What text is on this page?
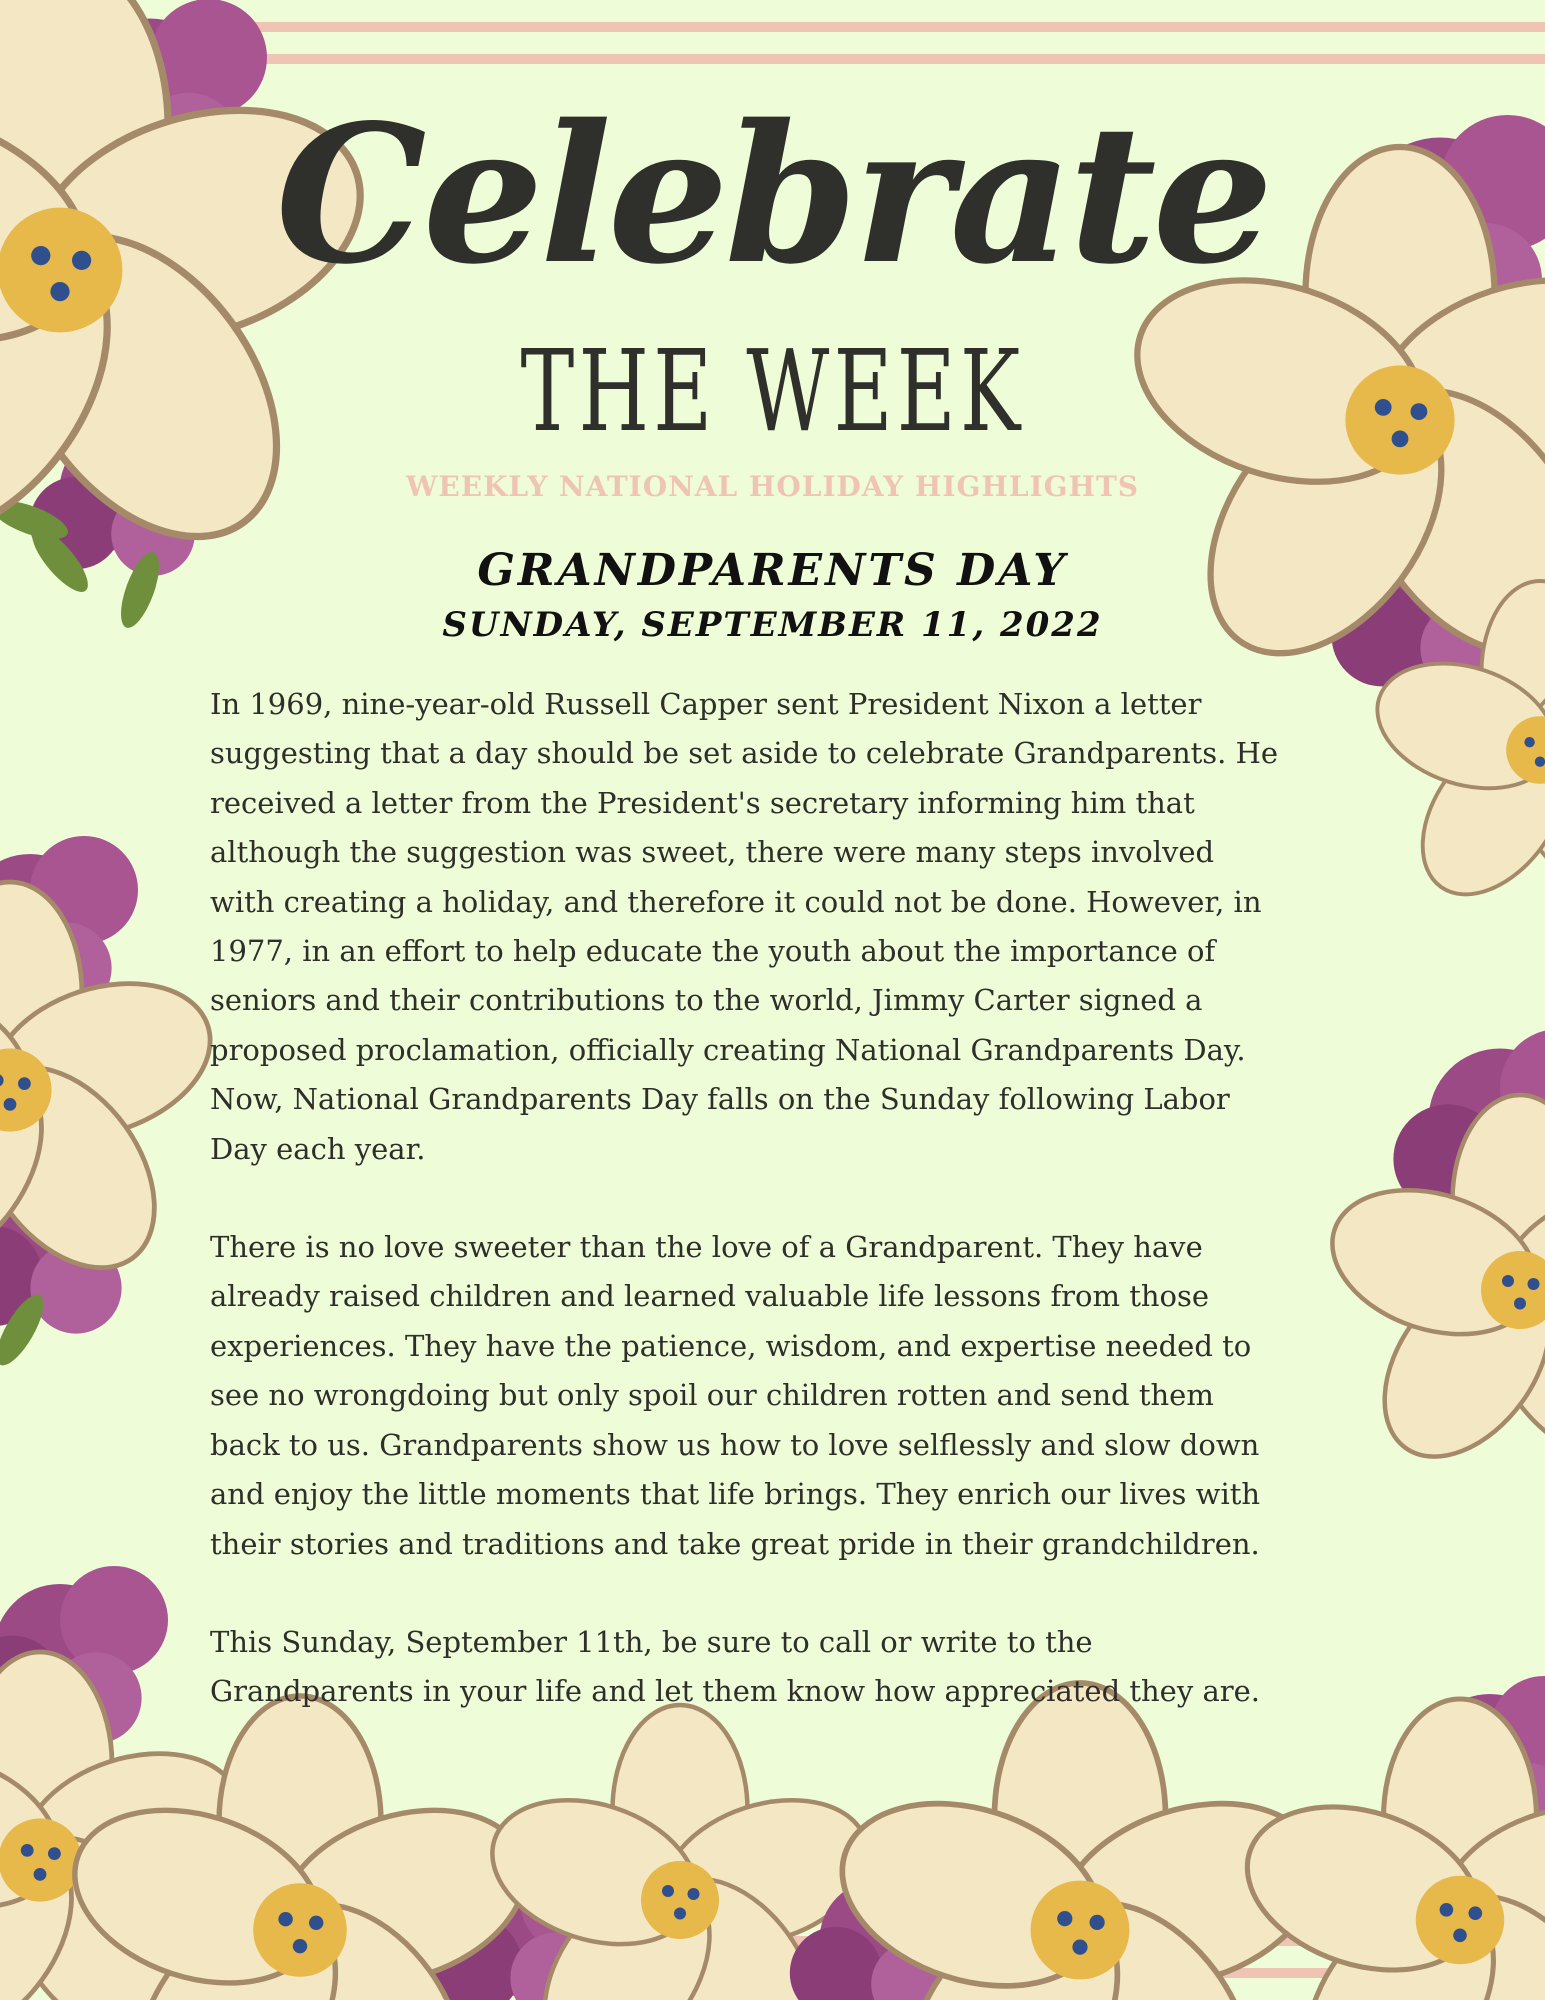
Celebrate
THE WEEK
WEEKLY NATIONAL HOLIDAY HIGHLIGHTS
GRANDPARENTS DAY
SUNDAY, SEPTEMBER 11, 2022

In 1969, nine-year-old Russell Capper sent President Nixon a letter
suggesting that a day should be set aside to celebrate Grandparents. He
received a letter from the President's secretary informing him that
although the suggestion was sweet, there were many steps involved
with creating a holiday, and therefore it could not be done. However, in
1977, in an effort to help educate the youth about the importance of
seniors and their contributions to the world, Jimmy Carter signed a
proposed proclamation, officially creating National Grandparents Day.
Now, National Grandparents Day falls on the Sunday following Labor
Day each year.

There is no love sweeter than the love of a Grandparent. They have
already raised children and learned valuable life lessons from those
experiences. They have the patience, wisdom, and expertise needed to
see no wrongdoing but only spoil our children rotten and send them
back to us. Grandparents show us how to love selflessly and slow down
and enjoy the little moments that life brings. They enrich our lives with
their stories and traditions and take great pride in their grandchildren.

This Sunday, September 11th, be sure to call or write to the
Grandparents in your life and let them know how appreciated they are.
